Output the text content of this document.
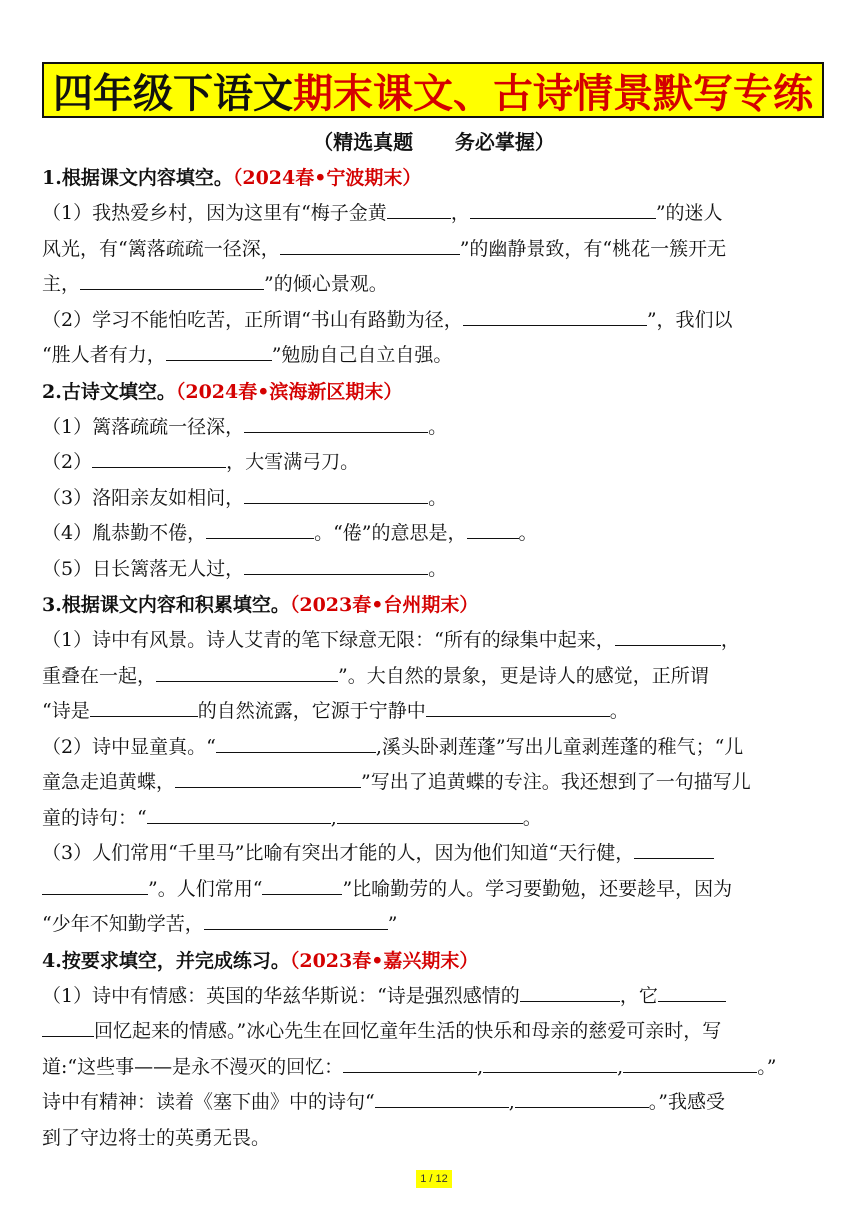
四年级下语文 期末课文、古诗情景默写专练
（精选真题      务必掌握）
1.根据课文内容填空。（2024春•宁波期末）
（1）我热爱乡村，因为这里有“梅子金黄	，	”的迷人
风光，有“篱落疏疏一径深，	”的幽静景致，有“桃花一簇开无
主，	”的倾心景观。
（2）学习不能怕吃苦，正所谓“书山有路勤为径，	”，我们以
“胜人者有力，	”勉励自己自立自强。
2.古诗文填空。（2024春•滨海新区期末）
（1）篱落疏疏一径深，	。
（2）	，大雪满弓刀。
（3）洛阳亲友如相问，	。
（4）胤恭勤不倦，	。“倦”的意思是，	。
（5）日长篱落无人过，	。
3.根据课文内容和积累填空。（2023春•台州期末）
（1）诗中有风景。诗人艾青的笔下绿意无限：“所有的绿集中起来，	，
重叠在一起，	”。大自然的景象，更是诗人的感觉，正所谓
“诗是	的自然流露，它源于宁静中	。
（2）诗中显童真。“	,溪头卧剥莲蓬”写出儿童剥莲蓬的稚气；“儿
童急走追黄蝶，	”写出了追黄蝶的专注。我还想到了一句描写儿
童的诗句：“	,	。
（3）人们常用“千里马”比喻有突出才能的人，因为他们知道“天行健，
”。人们常用“	”比喻勤劳的人。学习要勤勉，还要趁早，因为
“少年不知勤学苦，	”
4.按要求填空，并完成练习。（2023春•嘉兴期末）
（1）诗中有情感：英国的华兹华斯说：“诗是强烈感情的	，它
回忆起来的情感。”冰心先生在回忆童年生活的快乐和母亲的慈爱可亲时，写
道:“这些事——是永不漫灭的回忆：	,	,	。”
诗中有精神：读着《塞下曲》中的诗句“	,	。”我感受
到了守边将士的英勇无畏。
1 / 12
